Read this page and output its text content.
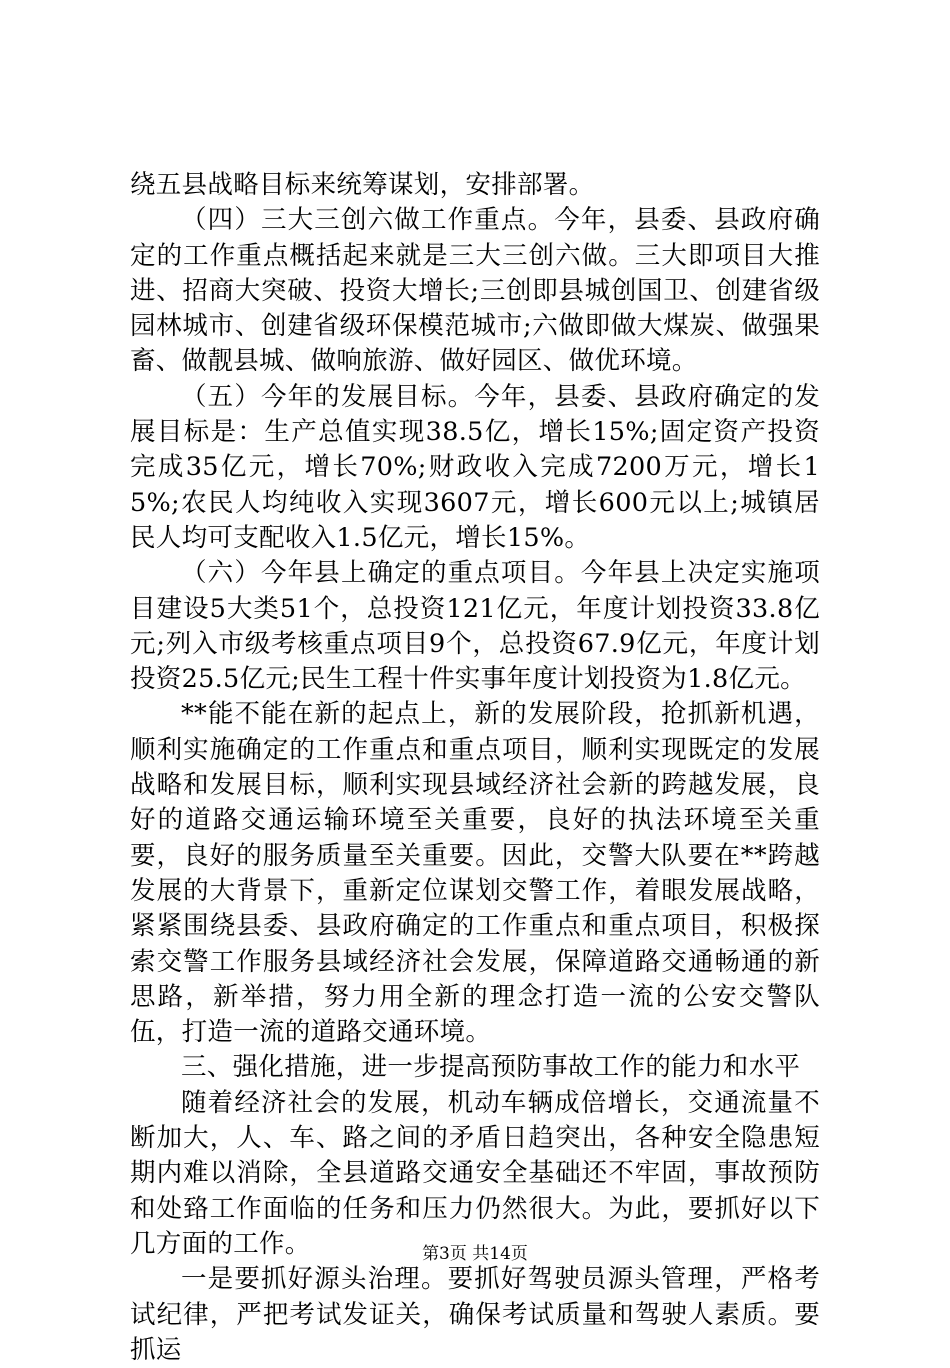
绕五县战略目标来统筹谋划，安排部署。

（四）三大三创六做工作重点。今年，县委、县政府确定的工作重点概括起来就是三大三创六做。三大即项目大推进、招商大突破、投资大增长;三创即县城创国卫、创建省级园林城市、创建省级环保模范城市;六做即做大煤炭、做强果畜、做靓县城、做响旅游、做好园区、做优环境。

（五）今年的发展目标。今年，县委、县政府确定的发展目标是：生产总值实现38.5亿，增长15%;固定资产投资完成35亿元，增长70%;财政收入完成7200万元，增长15%;农民人均纯收入实现3607元，增长600元以上;城镇居民人均可支配收入1.5亿元，增长15%。

（六）今年县上确定的重点项目。今年县上决定实施项目建设5大类51个，总投资121亿元，年度计划投资33.8亿元;列入市级考核重点项目9个，总投资67.9亿元，年度计划投资25.5亿元;民生工程十件实事年度计划投资为1.8亿元。

**能不能在新的起点上，新的发展阶段，抢抓新机遇，顺利实施确定的工作重点和重点项目，顺利实现既定的发展战略和发展目标，顺利实现县域经济社会新的跨越发展，良好的道路交通运输环境至关重要，良好的执法环境至关重要，良好的服务质量至关重要。因此，交警大队要在**跨越发展的大背景下，重新定位谋划交警工作，着眼发展战略，紧紧围绕县委、县政府确定的工作重点和重点项目，积极探索交警工作服务县域经济社会发展，保障道路交通畅通的新思路，新举措，努力用全新的理念打造一流的公安交警队伍，打造一流的道路交通环境。

三、强化措施，进一步提高预防事故工作的能力和水平

随着经济社会的发展，机动车辆成倍增长，交通流量不断加大，人、车、路之间的矛盾日趋突出，各种安全隐患短期内难以消除，全县道路交通安全基础还不牢固，事故预防和处臵工作面临的任务和压力仍然很大。为此，要抓好以下几方面的工作。

一是要抓好源头治理。要抓好驾驶员源头管理，严格考试纪律，严把考试发证关，确保考试质量和驾驶人素质。要抓运

第3页 共14页
